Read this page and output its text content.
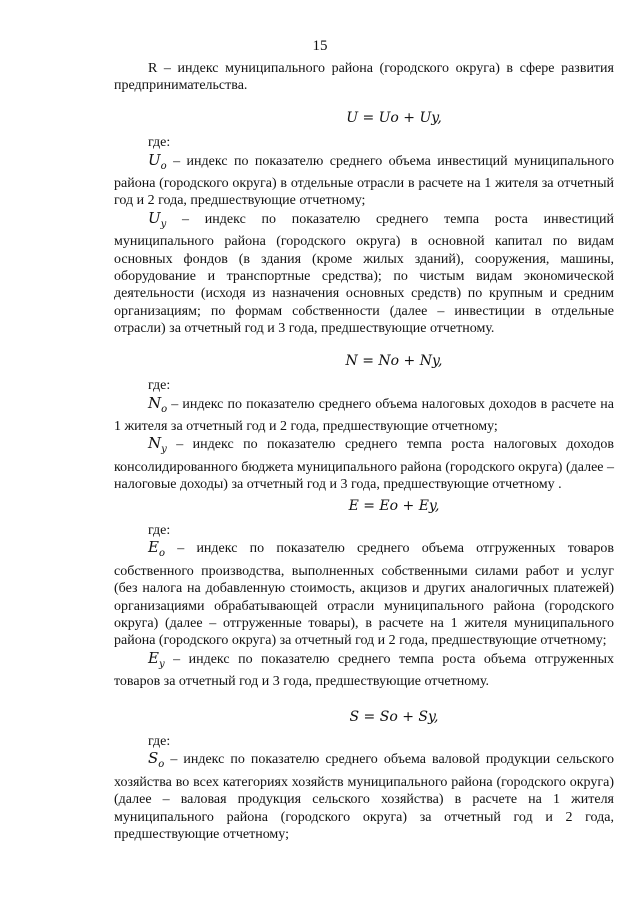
15

R – индекс муниципального района (городского округа) в сфере развития предпринимательства.

U = Uo + Uy,
где:

$U_o$ – индекс по показателю среднего объема инвестиций муниципального района (городского округа) в отдельные отрасли в расчете на 1 жителя за отчетный год и 2 года, предшествующие отчетному;

$U_y$ – индекс по показателю среднего темпа роста инвестиций муниципального района (городского округа) в основной капитал по видам основных фондов (в здания (кроме жилых зданий), сооружения, машины, оборудование и транспортные средства); по чистым видам экономической деятельности (исходя из назначения основных средств) по крупным и средним организациям; по формам собственности (далее – инвестиции в отдельные отрасли) за отчетный год и 3 года, предшествующие отчетному.

N = No + Ny,
где:

$N_o$ – индекс по показателю среднего объема налоговых доходов в расчете на 1 жителя за отчетный год и 2 года, предшествующие отчетному;

$N_y$ – индекс по показателю среднего темпа роста налоговых доходов консолидированного бюджета муниципального района (городского округа) (далее – налоговые доходы) за отчетный год и 3 года, предшествующие отчетному .

E = Eo + Ey,
где:

$E_o$ – индекс по показателю среднего объема отгруженных товаров собственного производства, выполненных собственными силами работ и услуг (без налога на добавленную стоимость, акцизов и других аналогичных платежей) организациями обрабатывающей отрасли муниципального района (городского округа) (далее – отгруженные товары), в расчете на 1 жителя муниципального района (городского округа) за отчетный год и 2 года, предшествующие отчетному;

$E_y$ – индекс по показателю среднего темпа роста объема отгруженных товаров за отчетный год и 3 года, предшествующие отчетному.

S = So + Sy,
где:

$S_o$ – индекс по показателю среднего объема валовой продукции сельского хозяйства во всех категориях хозяйств муниципального района (городского округа) (далее – валовая продукция сельского хозяйства) в расчете на 1 жителя муниципального района (городского округа) за отчетный год и 2 года, предшествующие отчетному;
